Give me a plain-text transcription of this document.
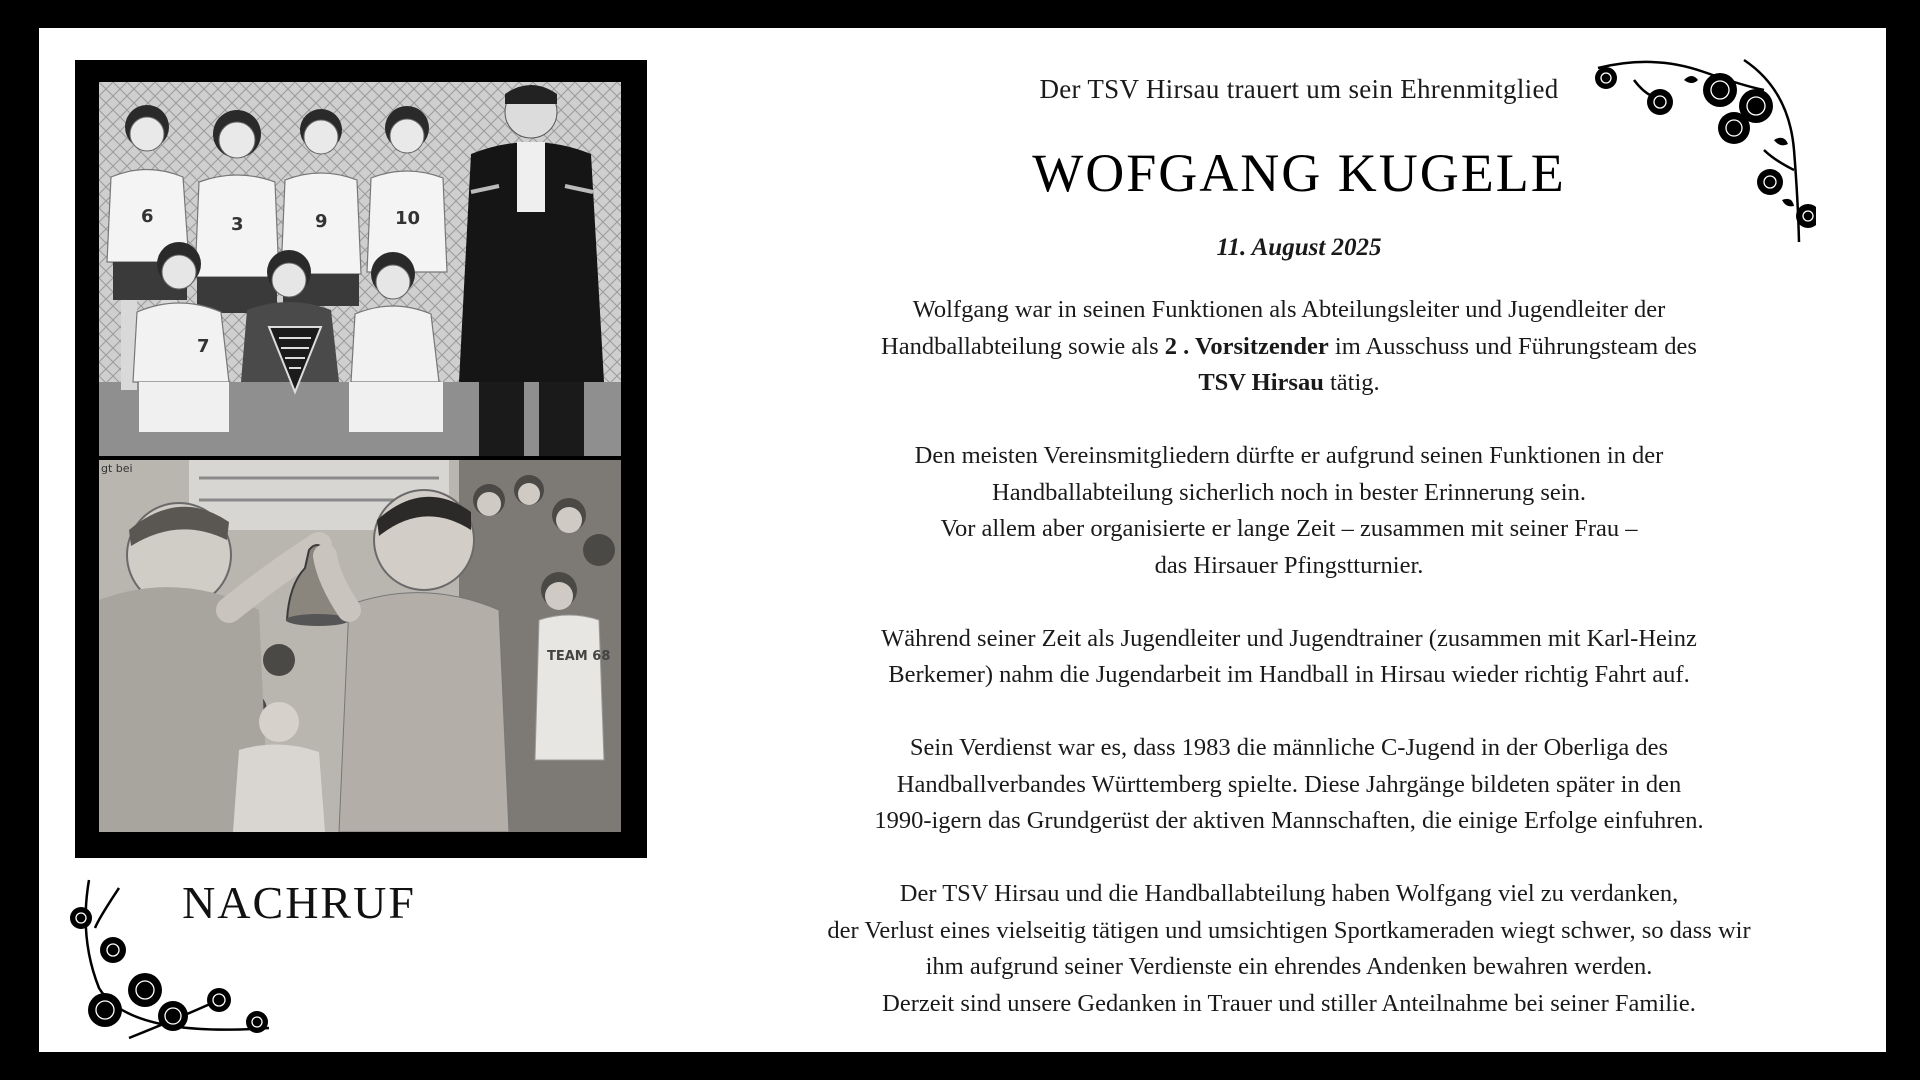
6	3	9	10
7
TEAM 68
gt bei
NACHRUF
Der TSV Hirsau trauert um sein Ehrenmitglied
WOFGANG KUGELE
11. August 2025

Wolfgang war in seinen Funktionen als Abteilungsleiter und Jugendleiter der
Handballabteilung sowie als 2 . Vorsitzender im Ausschuss und Führungsteam des
TSV Hirsau tätig.

Den meisten Vereinsmitgliedern dürfte er aufgrund seinen Funktionen in der
Handballabteilung sicherlich noch in bester Erinnerung sein.
Vor allem aber organisierte er lange Zeit – zusammen mit seiner Frau –
das Hirsauer Pfingstturnier.

Während seiner Zeit als Jugendleiter und Jugendtrainer (zusammen mit Karl-Heinz
Berkemer) nahm die Jugendarbeit im Handball in Hirsau wieder richtig Fahrt auf.

Sein Verdienst war es, dass 1983 die männliche C-Jugend in der Oberliga des
Handballverbandes Württemberg spielte. Diese Jahrgänge bildeten später in den
1990-igern das Grundgerüst der aktiven Mannschaften, die einige Erfolge einfuhren.

Der TSV Hirsau und die Handballabteilung haben Wolfgang viel zu verdanken,
der Verlust eines vielseitig tätigen und umsichtigen Sportkameraden wiegt schwer, so dass wir
ihm aufgrund seiner Verdienste ein ehrendes Andenken bewahren werden.
Derzeit sind unsere Gedanken in Trauer und stiller Anteilnahme bei seiner Familie.
